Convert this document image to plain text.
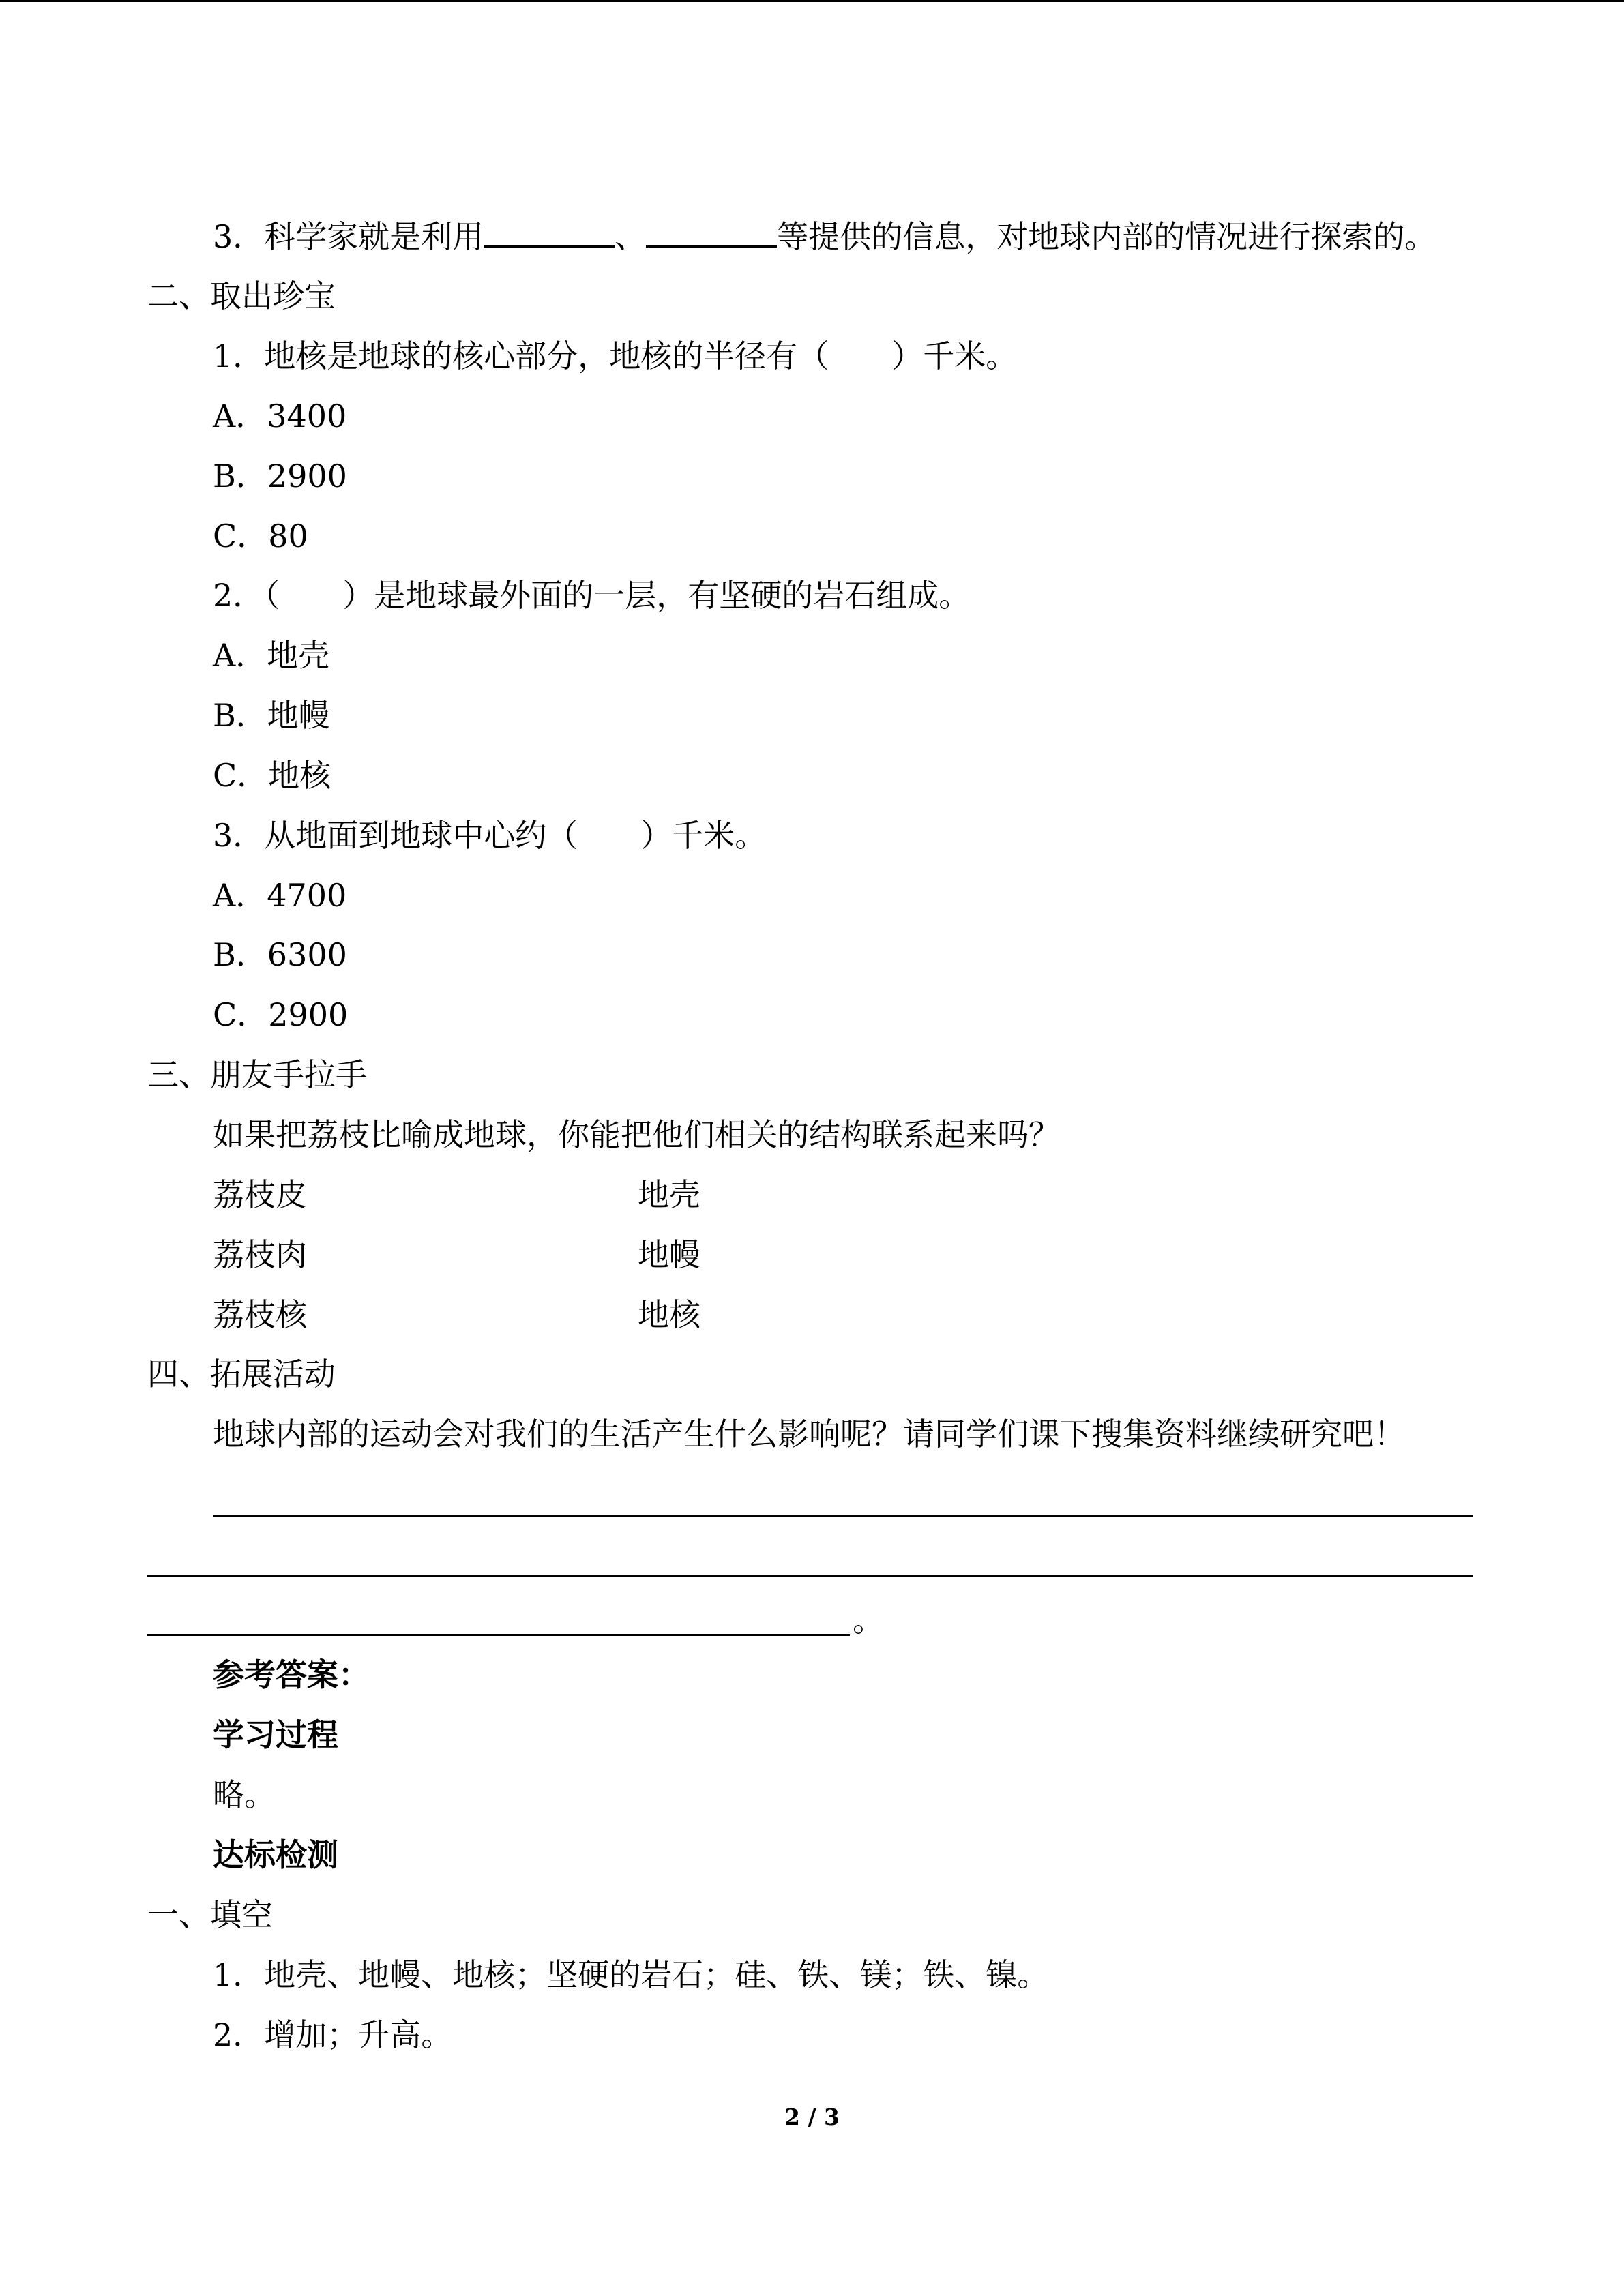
3．科学家就是利用	、	等提供的信息，对地球内部的情况进行探索的。
二、取出珍宝
1．地核是地球的核心部分，地核的半径有（　　）千米。
A．3400
B．2900
C．80
2．（　　）是地球最外面的一层，有坚硬的岩石组成。
A．地壳
B．地幔
C．地核
3．从地面到地球中心约（　　）千米。
A．4700
B．6300
C．2900
三、朋友手拉手
如果把荔枝比喻成地球，你能把他们相关的结构联系起来吗？
荔枝皮	地壳
荔枝肉	地幔
荔枝核	地核
四、拓展活动
地球内部的运动会对我们的生活产生什么影响呢？请同学们课下搜集资料继续研究吧！
。
参考答案：
学习过程
略。
达标检测
一、填空
1．地壳、地幔、地核；坚硬的岩石；硅、铁、镁；铁、镍。
2．增加；升高。
2 / 3
